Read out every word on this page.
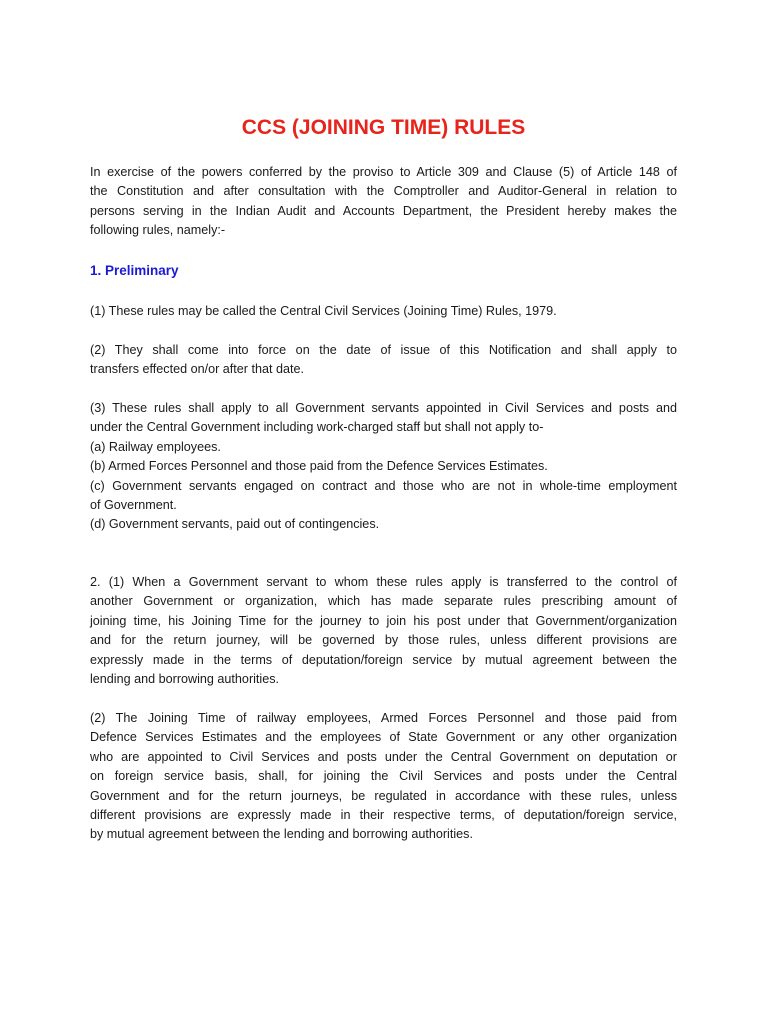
CCS (JOINING TIME) RULES
In exercise of the powers conferred by the proviso to Article 309 and Clause (5) of Article 148 of
the Constitution and after consultation with the Comptroller and Auditor-General in relation to
persons serving in the Indian Audit and Accounts Department, the President hereby makes the
following rules, namely:-
1. Preliminary
(1) These rules may be called the Central Civil Services (Joining Time) Rules, 1979.
(2) They shall come into force on the date of issue of this Notification and shall apply to
transfers effected on/or after that date.
(3) These rules shall apply to all Government servants appointed in Civil Services and posts and
under the Central Government including work-charged staff but shall not apply to-
(a) Railway employees.
(b) Armed Forces Personnel and those paid from the Defence Services Estimates.
(c) Government servants engaged on contract and those who are not in whole-time employment
of Government.
(d) Government servants, paid out of contingencies.
2. (1) When a Government servant to whom these rules apply is transferred to the control of
another Government or organization, which has made separate rules prescribing amount of
joining time, his Joining Time for the journey to join his post under that Government/organization
and for the return journey, will be governed by those rules, unless different provisions are
expressly made in the terms of deputation/foreign service by mutual agreement between the
lending and borrowing authorities.
(2) The Joining Time of railway employees, Armed Forces Personnel and those paid from
Defence Services Estimates and the employees of State Government or any other organization
who are appointed to Civil Services and posts under the Central Government on deputation or
on foreign service basis, shall, for joining the Civil Services and posts under the Central
Government and for the return journeys, be regulated in accordance with these rules, unless
different provisions are expressly made in their respective terms, of deputation/foreign service,
by mutual agreement between the lending and borrowing authorities.
